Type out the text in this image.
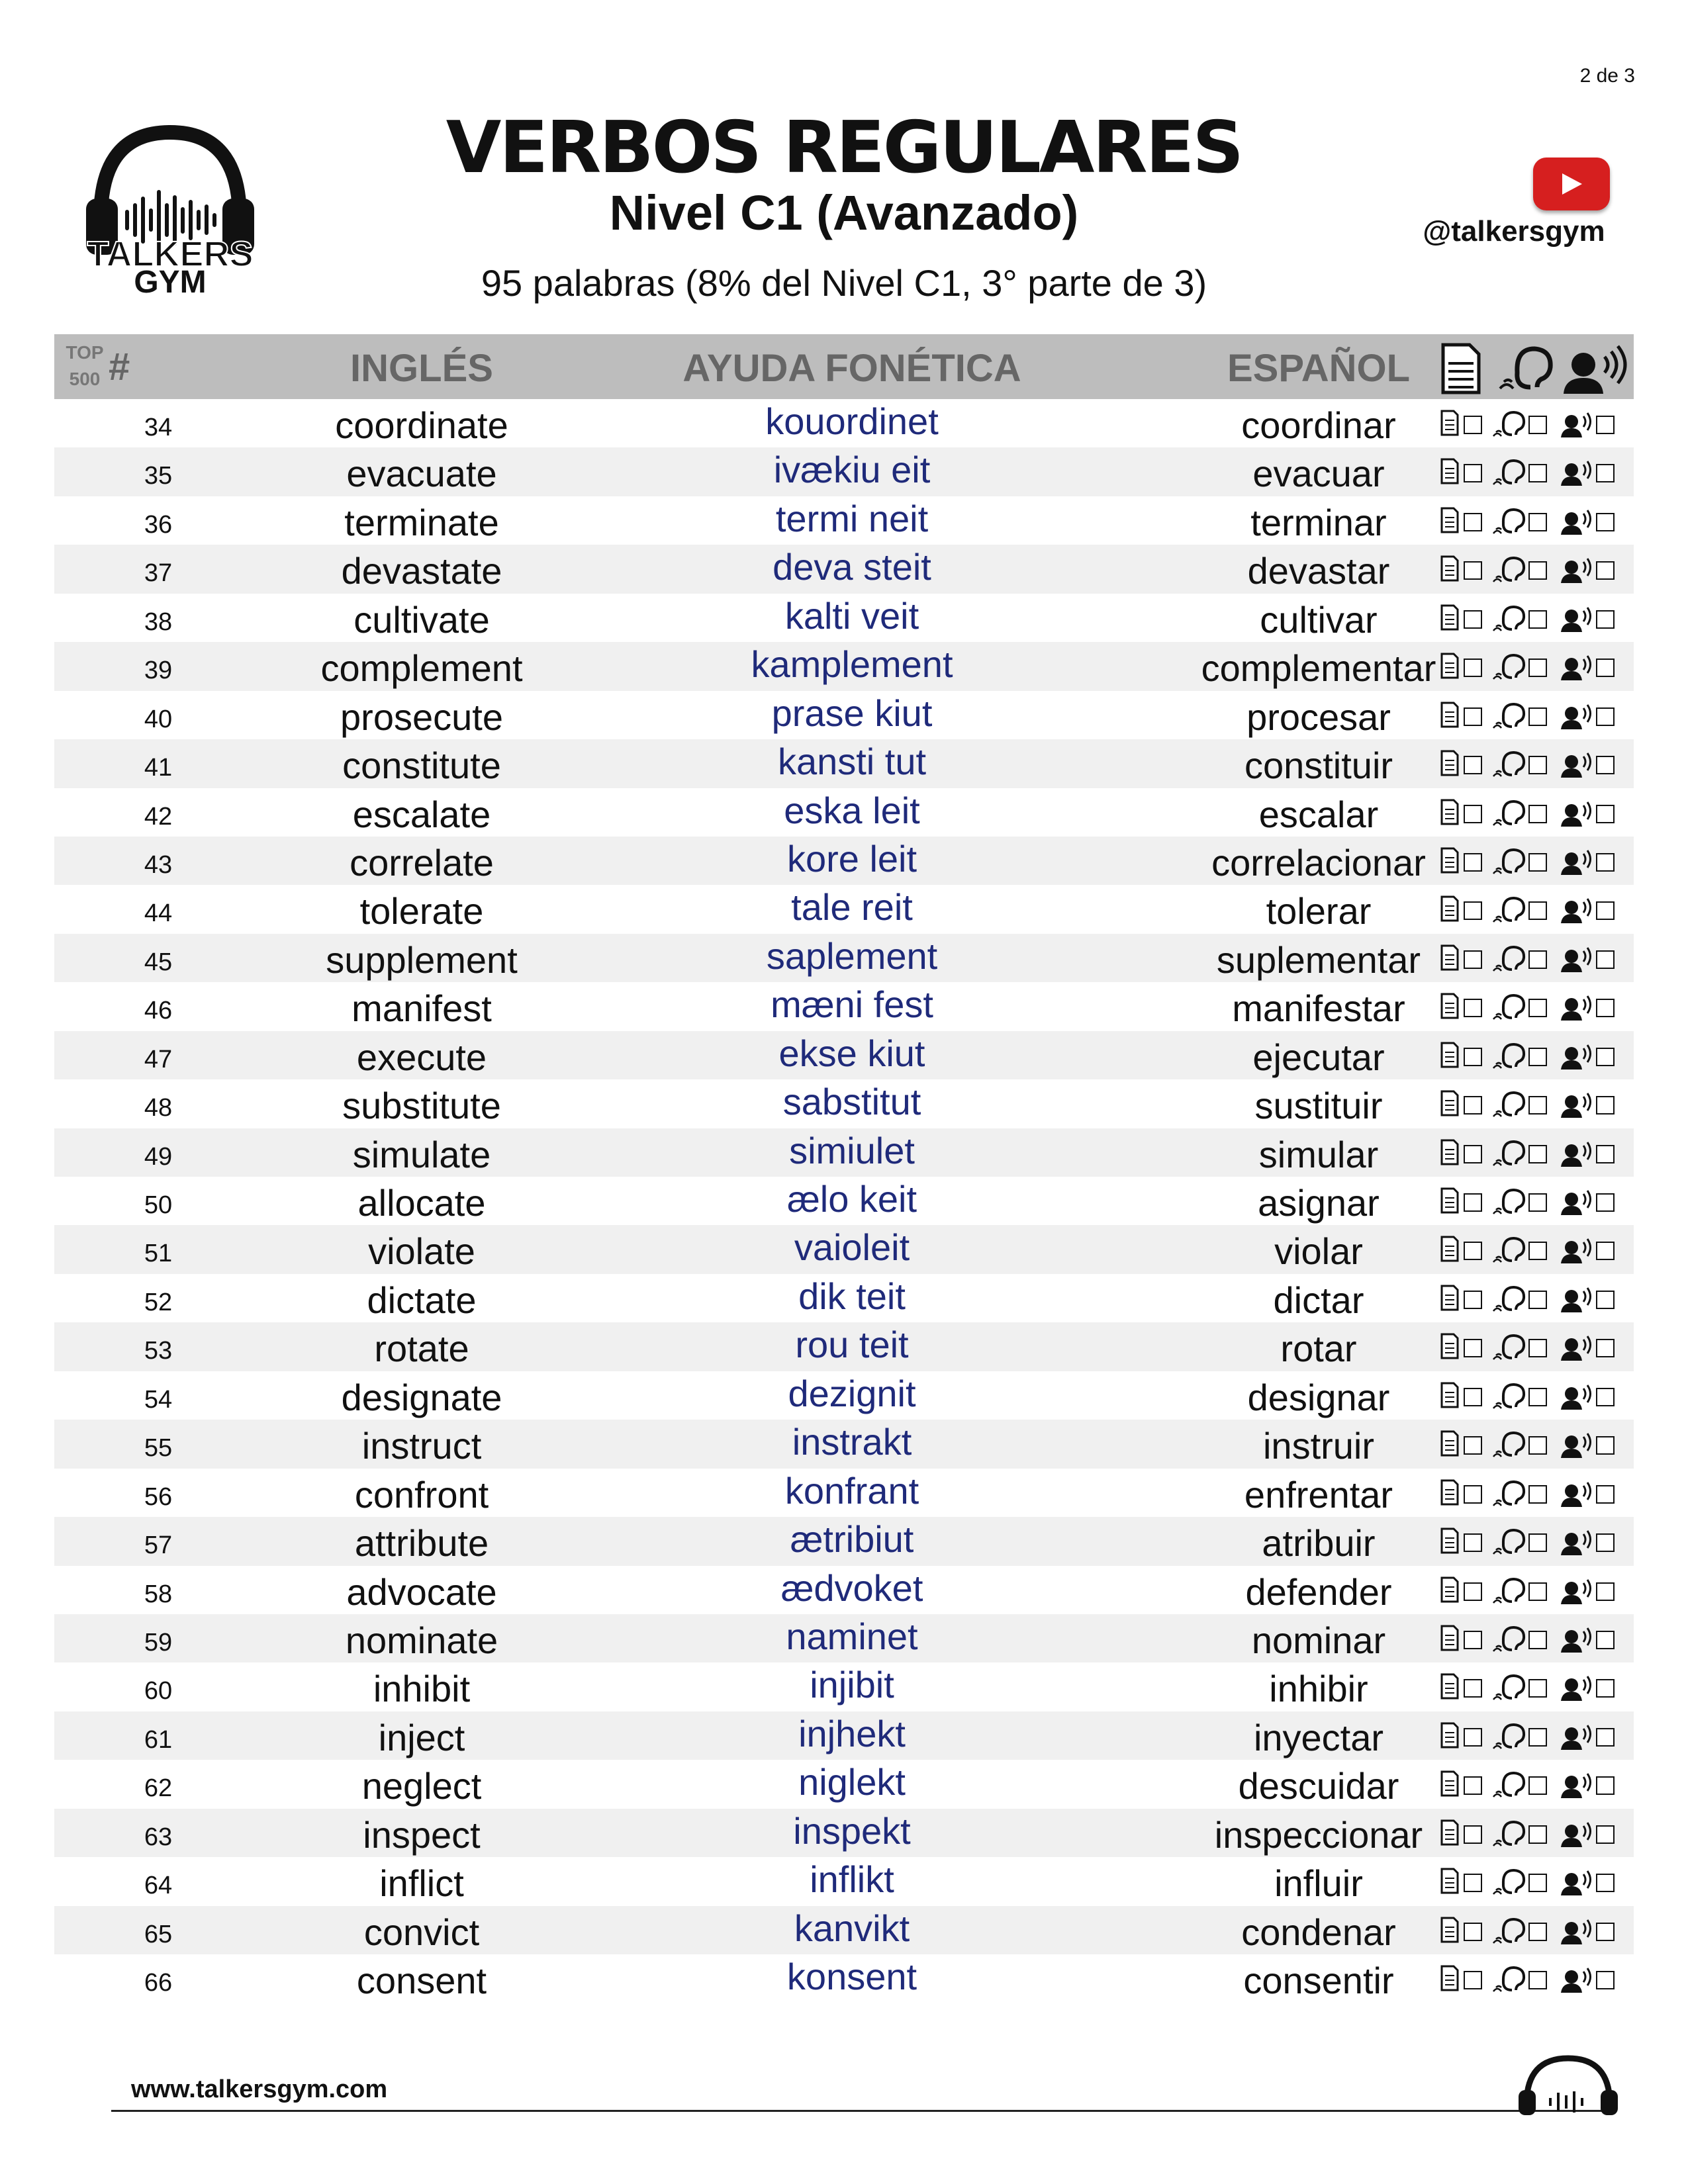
2 de 3
TALKERS
GYM
VERBOS REGULARES
Nivel C1 (Avanzado)
95 palabras (8% del Nivel C1, 3° parte de 3)
@talkersgym
TOP
500 #	INGLÉS	AYUDA FONÉTICA	ESPAÑOL
34	coordinate	kouordinet	coordinar
35	evacuate	ivækiu eit	evacuar
36	terminate	termi neit	terminar
37	devastate	deva steit	devastar
38	cultivate	kalti veit	cultivar
39	complement	kamplement	complementar
40	prosecute	prase kiut	procesar
41	constitute	kansti tut	constituir
42	escalate	eska leit	escalar
43	correlate	kore leit	correlacionar
44	tolerate	tale reit	tolerar
45	supplement	saplement	suplementar
46	manifest	mæni fest	manifestar
47	execute	ekse kiut	ejecutar
48	substitute	sabstitut	sustituir
49	simulate	simiulet	simular
50	allocate	ælo keit	asignar
51	violate	vaioleit	violar
52	dictate	dik teit	dictar
53	rotate	rou teit	rotar
54	designate	dezignit	designar
55	instruct	instrakt	instruir
56	confront	konfrant	enfrentar
57	attribute	ætribiut	atribuir
58	advocate	ædvoket	defender
59	nominate	naminet	nominar
60	inhibit	injibit	inhibir
61	inject	injhekt	inyectar
62	neglect	niglekt	descuidar
63	inspect	inspekt	inspeccionar
64	inflict	inflikt	influir
65	convict	kanvikt	condenar
66	consent	konsent	consentir
www.talkersgym.com
